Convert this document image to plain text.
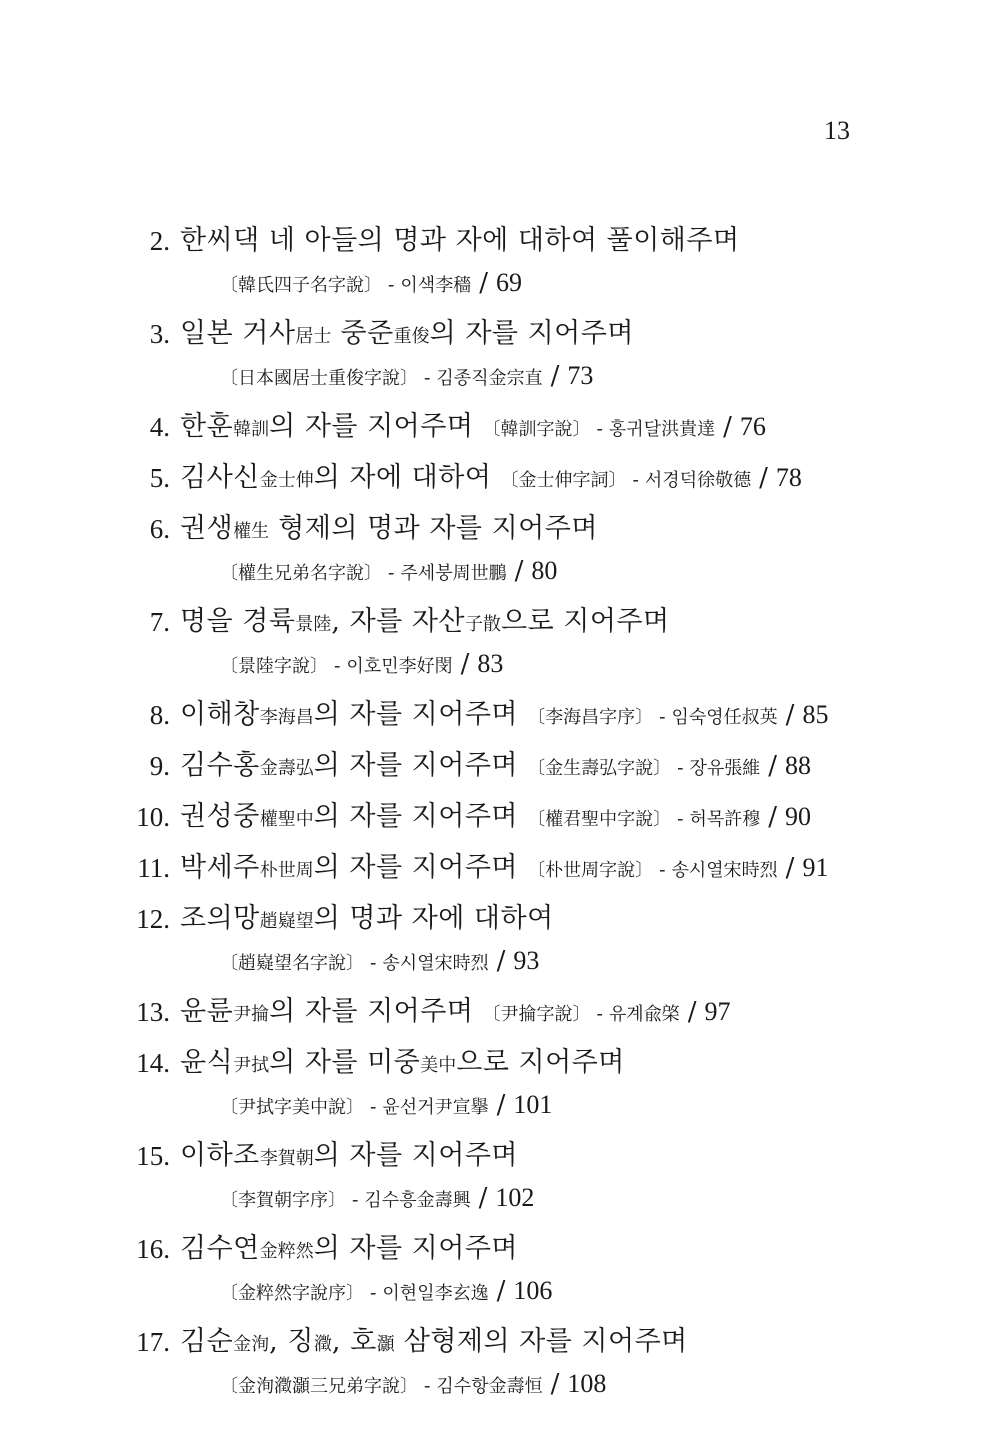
13
2. 한씨댁 네 아들의 명과 자에 대하여 풀이해주며
〔韓氏四子名字說〕 - 이색李穡 / 69
3. 일본 거사居士 중준重俊의 자를 지어주며
〔日本國居士重俊字說〕 - 김종직金宗直 / 73
4. 한훈韓訓의 자를 지어주며 〔韓訓字說〕 - 홍귀달洪貴達 / 76
5. 김사신金士伸의 자에 대하여 〔金士伸字詞〕 - 서경덕徐敬德 / 78
6. 권생權生 형제의 명과 자를 지어주며
〔權生兄弟名字說〕 - 주세붕周世鵬 / 80
7. 명을 경륙景陸, 자를 자산子散으로 지어주며
〔景陸字說〕 - 이호민李好閔 / 83
8. 이해창李海昌의 자를 지어주며 〔李海昌字序〕 - 임숙영任叔英 / 85
9. 김수홍金壽弘의 자를 지어주며 〔金生壽弘字說〕 - 장유張維 / 88
10. 권성중權聖中의 자를 지어주며 〔權君聖中字說〕 - 허목許穆 / 90
11. 박세주朴世周의 자를 지어주며 〔朴世周字說〕 - 송시열宋時烈 / 91
12. 조의망趙嶷望의 명과 자에 대하여
〔趙嶷望名字說〕 - 송시열宋時烈 / 93
13. 윤륜尹掄의 자를 지어주며 〔尹掄字說〕 - 유계兪棨 / 97
14. 윤식尹拭의 자를 미중美中으로 지어주며
〔尹拭字美中說〕 - 윤선거尹宣擧 / 101
15. 이하조李賀朝의 자를 지어주며
〔李賀朝字序〕 - 김수흥金壽興 / 102
16. 김수연金粹然의 자를 지어주며
〔金粹然字說序〕 - 이현일李玄逸 / 106
17. 김순金洵, 징瀓, 호灝 삼형제의 자를 지어주며
〔金洵瀓灝三兄弟字說〕 - 김수항金壽恒 / 108
